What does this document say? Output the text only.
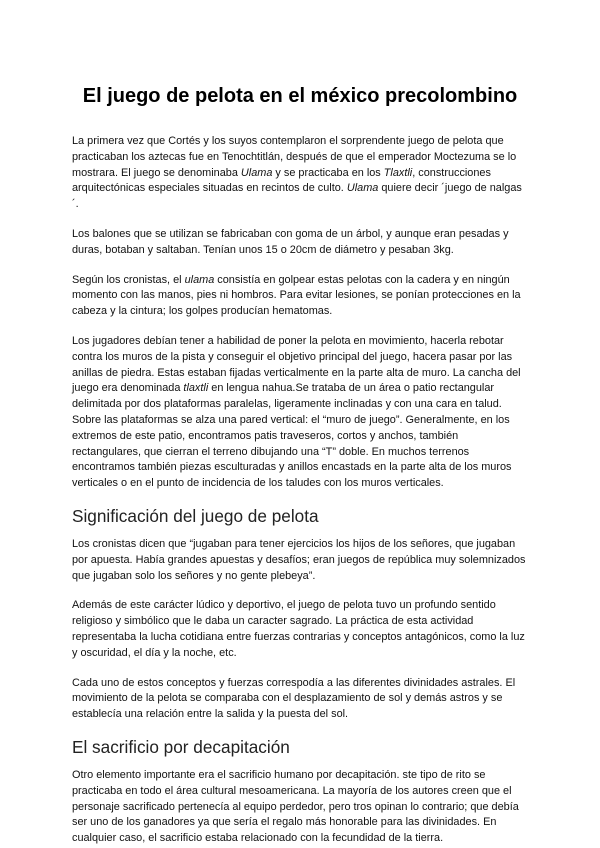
El juego de pelota en el méxico precolombino

La primera vez que Cortés y los suyos contemplaron el sorprendente juego de pelota que practicaban los aztecas fue en Tenochtitlán, después de que el emperador Moctezuma se lo mostrara. El juego se denominaba Ulama y se practicaba en los Tlaxtli, construcciones arquitectónicas especiales situadas en recintos de culto. Ulama quiere decir ´juego de nalgas´.

Los balones que se utilizan se fabricaban con goma de un árbol, y aunque eran pesadas y duras, botaban y saltaban. Tenían unos 15 o 20cm de diámetro y pesaban 3kg.

Según los cronistas, el ulama consistía en golpear estas pelotas con la cadera y en ningún momento con las manos, pies ni hombros. Para evitar lesiones, se ponían protecciones en la cabeza y la cintura; los golpes producían hematomas.

Los jugadores debían tener a habilidad de poner la pelota en movimiento, hacerla rebotar contra los muros de la pista y conseguir el objetivo principal del juego, hacera pasar por las anillas de piedra. Estas estaban fijadas verticalmente en la parte alta de muro. La cancha del juego era denominada tlaxtli en lengua nahua.Se trataba de un área o patio rectangular delimitada por dos plataformas paralelas, ligeramente inclinadas y con una cara en talud. Sobre las plataformas se alza una pared vertical: el “muro de juego”. Generalmente, en los extremos de este patio, encontramos patis traveseros, cortos y anchos, también rectangulares, que cierran el terreno dibujando una “T” doble. En muchos terrenos encontramos también piezas esculturadas y anillos encastads en la parte alta de los muros verticales o en el punto de incidencia de los taludes con los muros verticales.

Significación del juego de pelota

Los cronistas dicen que “jugaban para tener ejercicios los hijos de los señores, que jugaban por apuesta. Había grandes apuestas y desafíos; eran juegos de república muy solemnizados que jugaban solo los señores y no gente plebeya”.

Además de este carácter lúdico y deportivo, el juego de pelota tuvo un profundo sentido religioso y simbólico que le daba un caracter sagrado. La práctica de esta actividad representaba la lucha cotidiana entre fuerzas contrarias y conceptos antagónicos, como la luz y oscuridad, el día y la noche, etc.

Cada uno de estos conceptos y fuerzas correspodía a las diferentes divinidades astrales. El movimiento de la pelota se comparaba con el desplazamiento de sol y demás astros y se establecía una relación entre la salida y la puesta del sol.

El sacrificio por decapitación

Otro elemento importante era el sacrificio humano por decapitación. ste tipo de rito se practicaba en todo el área cultural mesoamericana. La mayoría de los autores creen que el personaje sacrificado pertenecía al equipo perdedor, pero tros opinan lo contrario; que debía ser uno de los ganadores ya que sería el regalo más honorable para las divinidades. En cualquier caso, el sacrificio estaba relacionado con la fecundidad de la tierra.
